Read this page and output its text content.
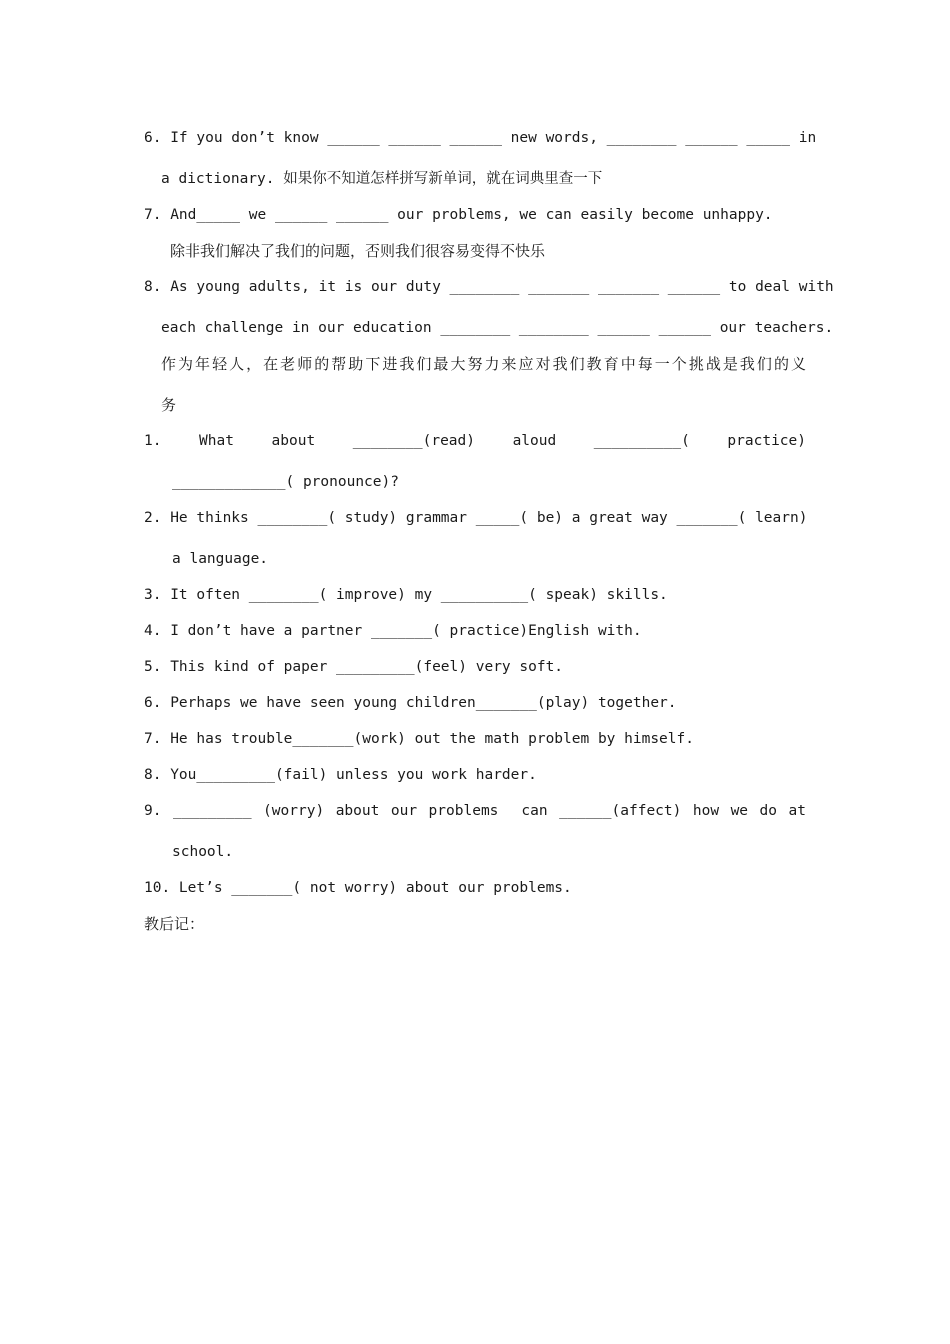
6. If you don’t know ______ ______ ______ new words, ________ ______ _____ in
a dictionary. 如果你不知道怎样拼写新单词，就在词典里查一下
7. And_____ we ______ ______ our problems, we can easily become unhappy.
除非我们解决了我们的问题，否则我们很容易变得不快乐
8. As young adults, it is our duty ________ _______ _______ ______ to deal with
each challenge in our education ________ ________ ______ ______ our teachers.
作为年轻人，在老师的帮助下进我们最大努力来应对我们教育中每一个挑战是我们的义
务
1. What about ________(read) aloud __________( practice)
_____________( pronounce)?
2. He thinks ________( study) grammar _____( be) a great way _______( learn)
a language.
3. It often ________( improve) my __________( speak) skills.
4. I don’t have a partner _______( practice)English with.
5. This kind of paper _________(feel) very soft.
6. Perhaps we have seen young children_______(play) together.
7. He has trouble_______(work) out the math problem by himself.
8. You_________(fail) unless you work harder.
9. _________ (worry) about our problems  can ______(affect) how we do at
school.
10. Let’s _______( not worry) about our problems.
教后记：
